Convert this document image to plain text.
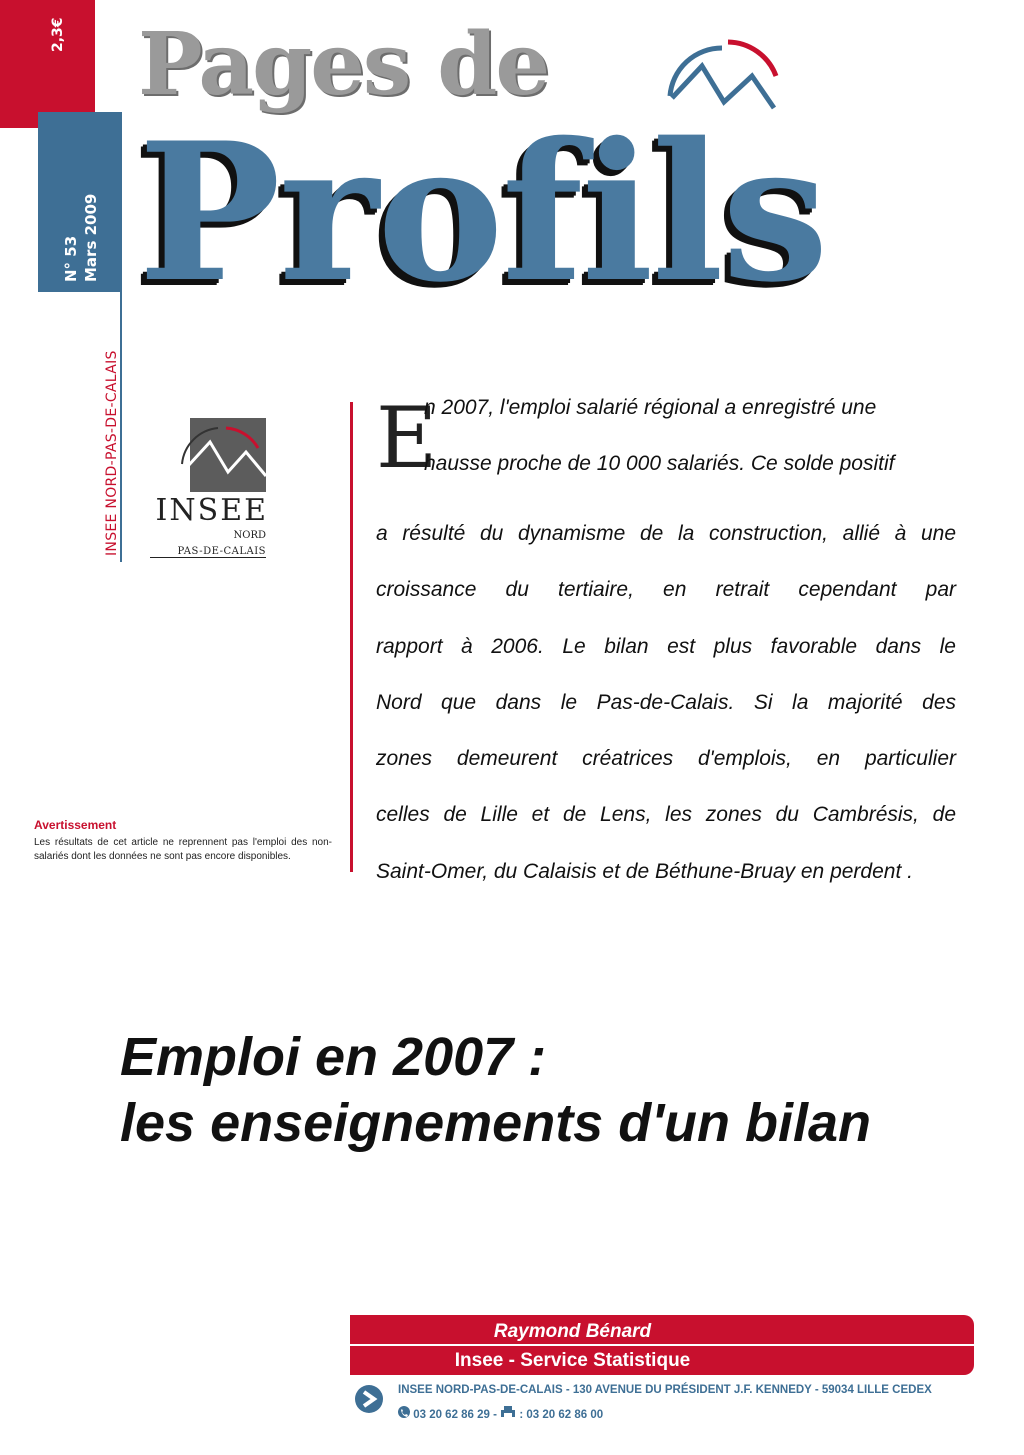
2,3€
N° 53 Mars 2009
INSEE NORD-PAS-DE-CALAIS
Pages de
Profils
INSEE
NORD
PAS-DE-CALAIS
Avertissement
Les résultats de cet article ne reprennent pas l'emploi des non-salariés dont les données ne sont pas encore disponibles.
E
n 2007, l'emploi salarié régional a enregistré une
hausse proche de 10 000 salariés. Ce solde positif
a résulté du dynamisme de la construction, allié à une
croissance du tertiaire, en retrait cependant par
rapport à 2006. Le bilan est plus favorable dans le
Nord que dans le Pas-de-Calais. Si la majorité des
zones demeurent créatrices d'emplois, en particulier
celles de Lille et de Lens, les zones du Cambrésis, de
Saint-Omer, du Calaisis et de Béthune-Bruay en perdent .
Emploi en 2007 :
les enseignements d'un bilan
Raymond Bénard
Insee - Service Statistique
INSEE NORD-PAS-DE-CALAIS - 130 AVENUE DU PRÉSIDENT J.F. KENNEDY - 59034 LILLE CEDEX
03 20 62 86 29 - : 03 20 62 86 00
